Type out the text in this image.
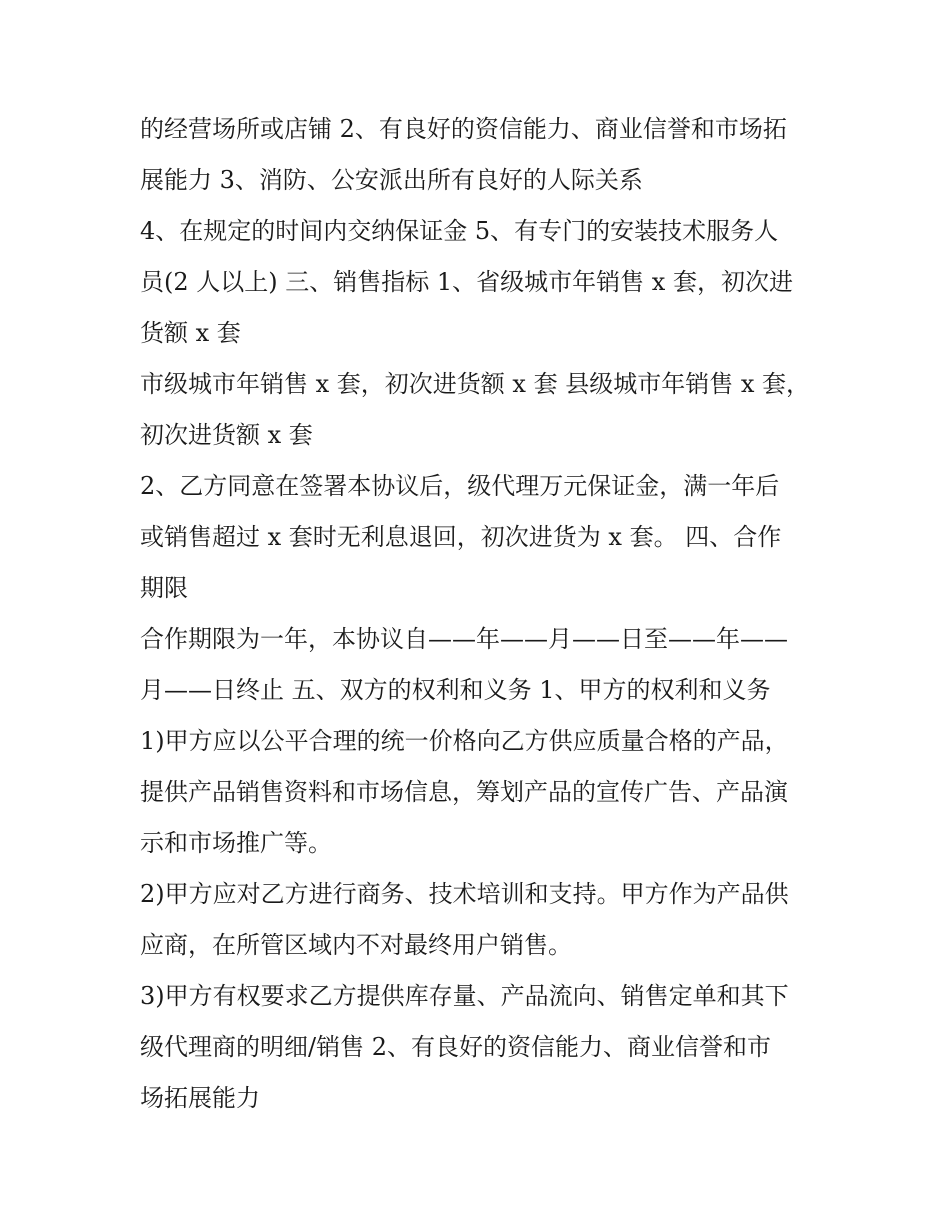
的经营场所或店铺 2、有良好的资信能力、商业信誉和市场拓
展能力 3、消防、公安派出所有良好的人际关系
4、在规定的时间内交纳保证金 5、有专门的安装技术服务人
员(2 人以上) 三、销售指标 1、省级城市年销售 x 套，初次进
货额 x 套
市级城市年销售 x 套，初次进货额 x 套 县级城市年销售 x 套，
初次进货额 x 套
2、乙方同意在签署本协议后，级代理万元保证金，满一年后
或销售超过 x 套时无利息退回，初次进货为 x 套。 四、合作
期限
合作期限为一年，本协议自——年——月——日至——年——
月——日终止 五、双方的权利和义务 1、甲方的权利和义务
1)甲方应以公平合理的统一价格向乙方供应质量合格的产品，
提供产品销售资料和市场信息，筹划产品的宣传广告、产品演
示和市场推广等。
2)甲方应对乙方进行商务、技术培训和支持。甲方作为产品供
应商，在所管区域内不对最终用户销售。
3)甲方有权要求乙方提供库存量、产品流向、销售定单和其下
级代理商的明细/销售 2、有良好的资信能力、商业信誉和市
场拓展能力
